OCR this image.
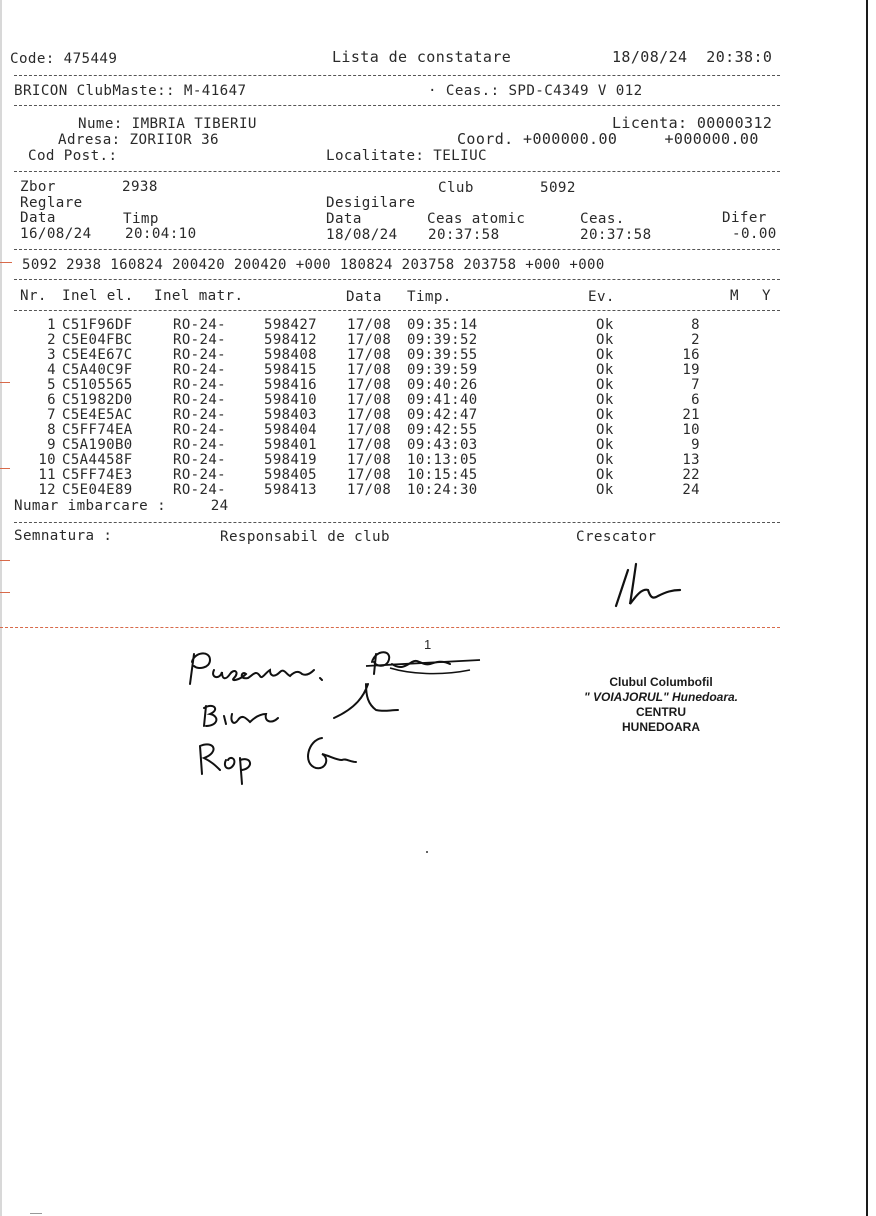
Code: 475449	Lista de constatare	18/08/24  20:38:0
BRICON ClubMaste:: M-41647	· Ceas.: SPD-C4349 V 012
Nume: IMBRIA TIBERIU	Licenta: 00000312
Adresa: ZORIIOR 36	Coord. +000000.00     +000000.00
Cod Post.:	Localitate: TELIUC
Zbor	2938	Club	5092
Reglare	Desigilare
Data	Timp	Data	Ceas atomic	Ceas.	Difer
16/08/24 20:04:10	18/08/24 20:37:58	20:37:58	-0.00
5092 2938 160824 200420 200420 +000 180824 203758 203758 +000 +000
Nr. Inel el. Inel matr.	Data Timp.	Ev.	M Y
1 C51F96DF	RO-24-	598427 17/08 09:35:14	Ok	8
2 C5E04FBC	RO-24-	598412 17/08 09:39:52	Ok	2
3 C5E4E67C	RO-24-	598408 17/08 09:39:55	Ok	16
4 C5A40C9F	RO-24-	598415 17/08 09:39:59	Ok	19
5 C5105565	RO-24-	598416 17/08 09:40:26	Ok	7
6 C51982D0	RO-24-	598410 17/08 09:41:40	Ok	6
7 C5E4E5AC	RO-24-	598403 17/08 09:42:47	Ok	21
8 C5FF74EA	RO-24-	598404 17/08 09:42:55	Ok	10
9 C5A190B0	RO-24-	598401 17/08 09:43:03	Ok	9
10 C5A4458F	RO-24-	598419 17/08 10:13:05	Ok	13
11 C5FF74E3	RO-24-	598405 17/08 10:15:45	Ok	22
12 C5E04E89	RO-24-	598413 17/08 10:24:30	Ok	24
Numar imbarcare :     24
Semnatura :	Responsabil de club	Crescator
1
Clubul Columbofil
" VOIAJORUL" Hunedoara.
CENTRU
HUNEDOARA
